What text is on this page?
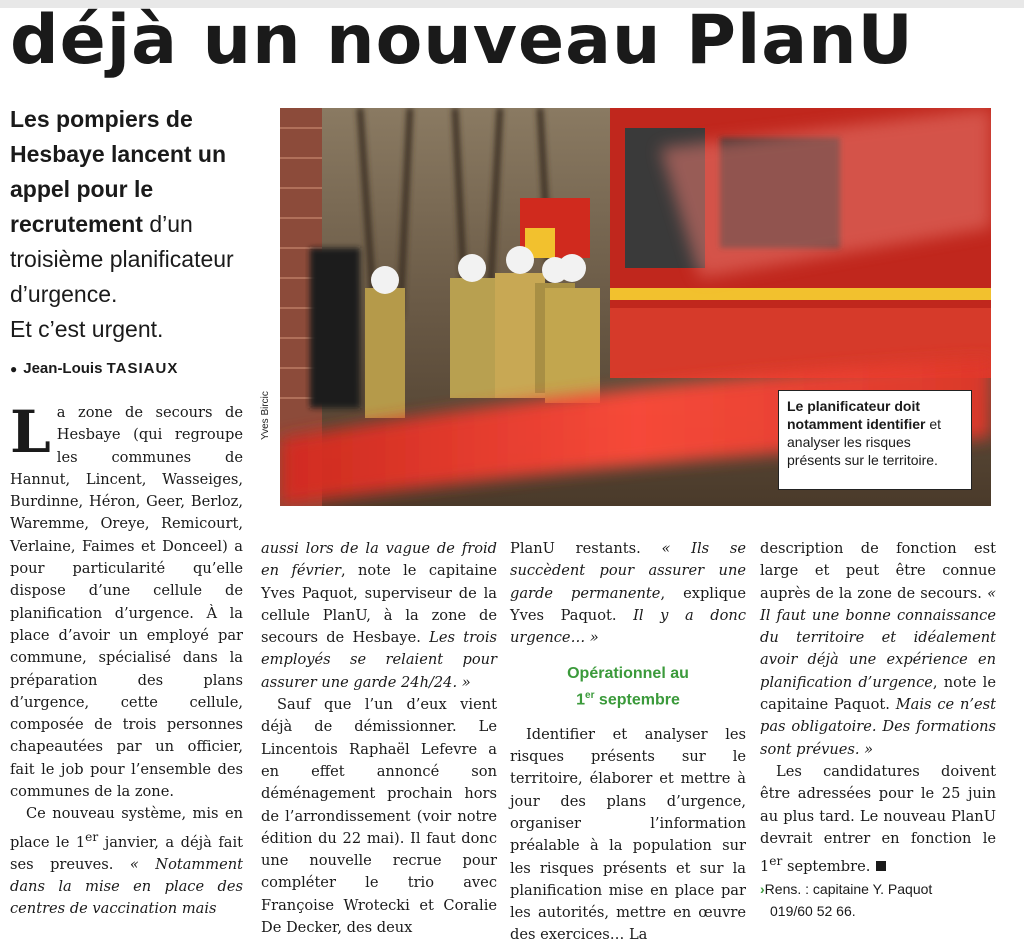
déjà un nouveau PlanU
Les pompiers de Hesbaye lancent un appel pour le recrutement d’un troisième planificateur d’urgence.
Et c’est urgent.
● Jean-Louis TASIAUX
Yves Bircic	Le planificateur doit notamment identifier et analyser les risques présents sur le territoire.

La zone de secours de Hesbaye (qui regroupe les communes de Hannut, Lincent, Wasseiges, Burdinne, Héron, Geer, Berloz, Waremme, Oreye, Remicourt, Verlaine, Faimes et Donceel) a pour particularité qu’elle dispose d’une cellule de planification d’urgence. À la place d’avoir un employé par commune, spécialisé dans la préparation des plans d’urgence, cette cellule, composée de trois personnes chapeautées par un officier, fait le job pour l’ensemble des communes de la zone.

Ce nouveau système, mis en place le 1er janvier, a déjà fait ses preuves. « Notamment dans la mise en place des centres de vaccination mais

aussi lors de la vague de froid en février, note le capitaine Yves Paquot, superviseur de la cellule PlanU, à la zone de secours de Hesbaye. Les trois employés se relaient pour assurer une garde 24h/24. »

Sauf que l’un d’eux vient déjà de démissionner. Le Lincentois Raphaël Lefevre a en effet annoncé son déménagement prochain hors de l’arrondissement (voir notre édition du 22 mai). Il faut donc une nouvelle recrue pour compléter le trio avec Françoise Wrotecki et Coralie De Decker, des deux

PlanU restants. « Ils se succèdent pour assurer une garde permanente, explique Yves Paquot. Il y a donc urgence… »

Opérationnel au
1er septembre

Identifier et analyser les risques présents sur le territoire, élaborer et mettre à jour des plans d’urgence, organiser l’information préalable à la population sur les risques présents et sur la planification mise en place par les autorités, mettre en œuvre des exercices… La

description de fonction est large et peut être connue auprès de la zone de secours. « Il faut une bonne connaissance du territoire et idéalement avoir déjà une expérience en planification d’urgence, note le capitaine Paquot. Mais ce n’est pas obligatoire. Des formations sont prévues. »

Les candidatures doivent être adressées pour le 25 juin au plus tard. Le nouveau PlanU devrait entrer en fonction le 1er septembre.

›Rens. : capitaine Y. Paquot
019/60 52 66.
